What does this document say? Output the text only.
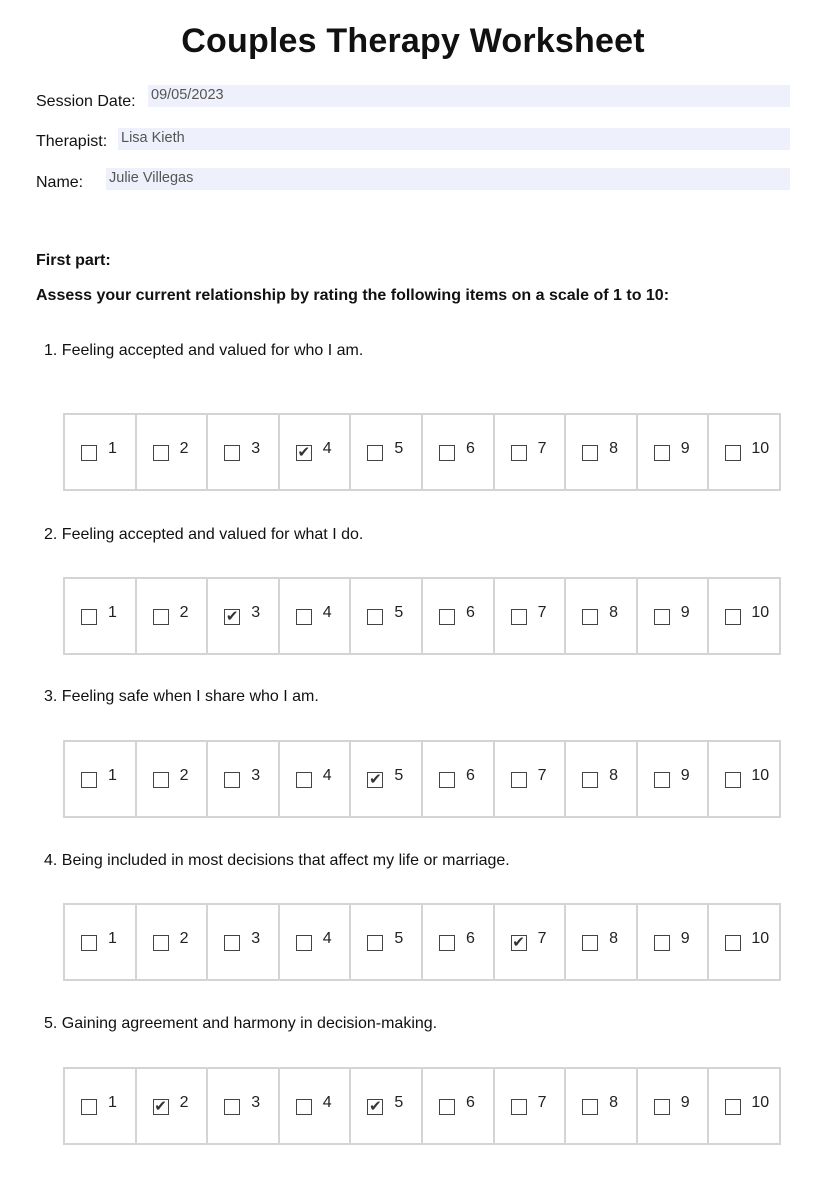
Couples Therapy Worksheet
Session Date: 09/05/2023
Therapist: Lisa Kieth
Name: Julie Villegas
First part:
Assess your current relationship by rating the following items on a scale of 1 to 10:
1. Feeling accepted and valued for who I am.
1	2	3 ✔ 4	5	6	7	8	9	10
2. Feeling accepted and valued for what I do.
1	2 ✔ 3	4	5	6	7	8	9	10
3. Feeling safe when I share who I am.
1	2	3	4 ✔ 5	6	7	8	9	10
4. Being included in most decisions that affect my life or marriage.
1	2	3	4	5	6 ✔ 7	8	9	10
5. Gaining agreement and harmony in decision-making.
1 ✔ 2	3	4 ✔ 5	6	7	8	9	10
